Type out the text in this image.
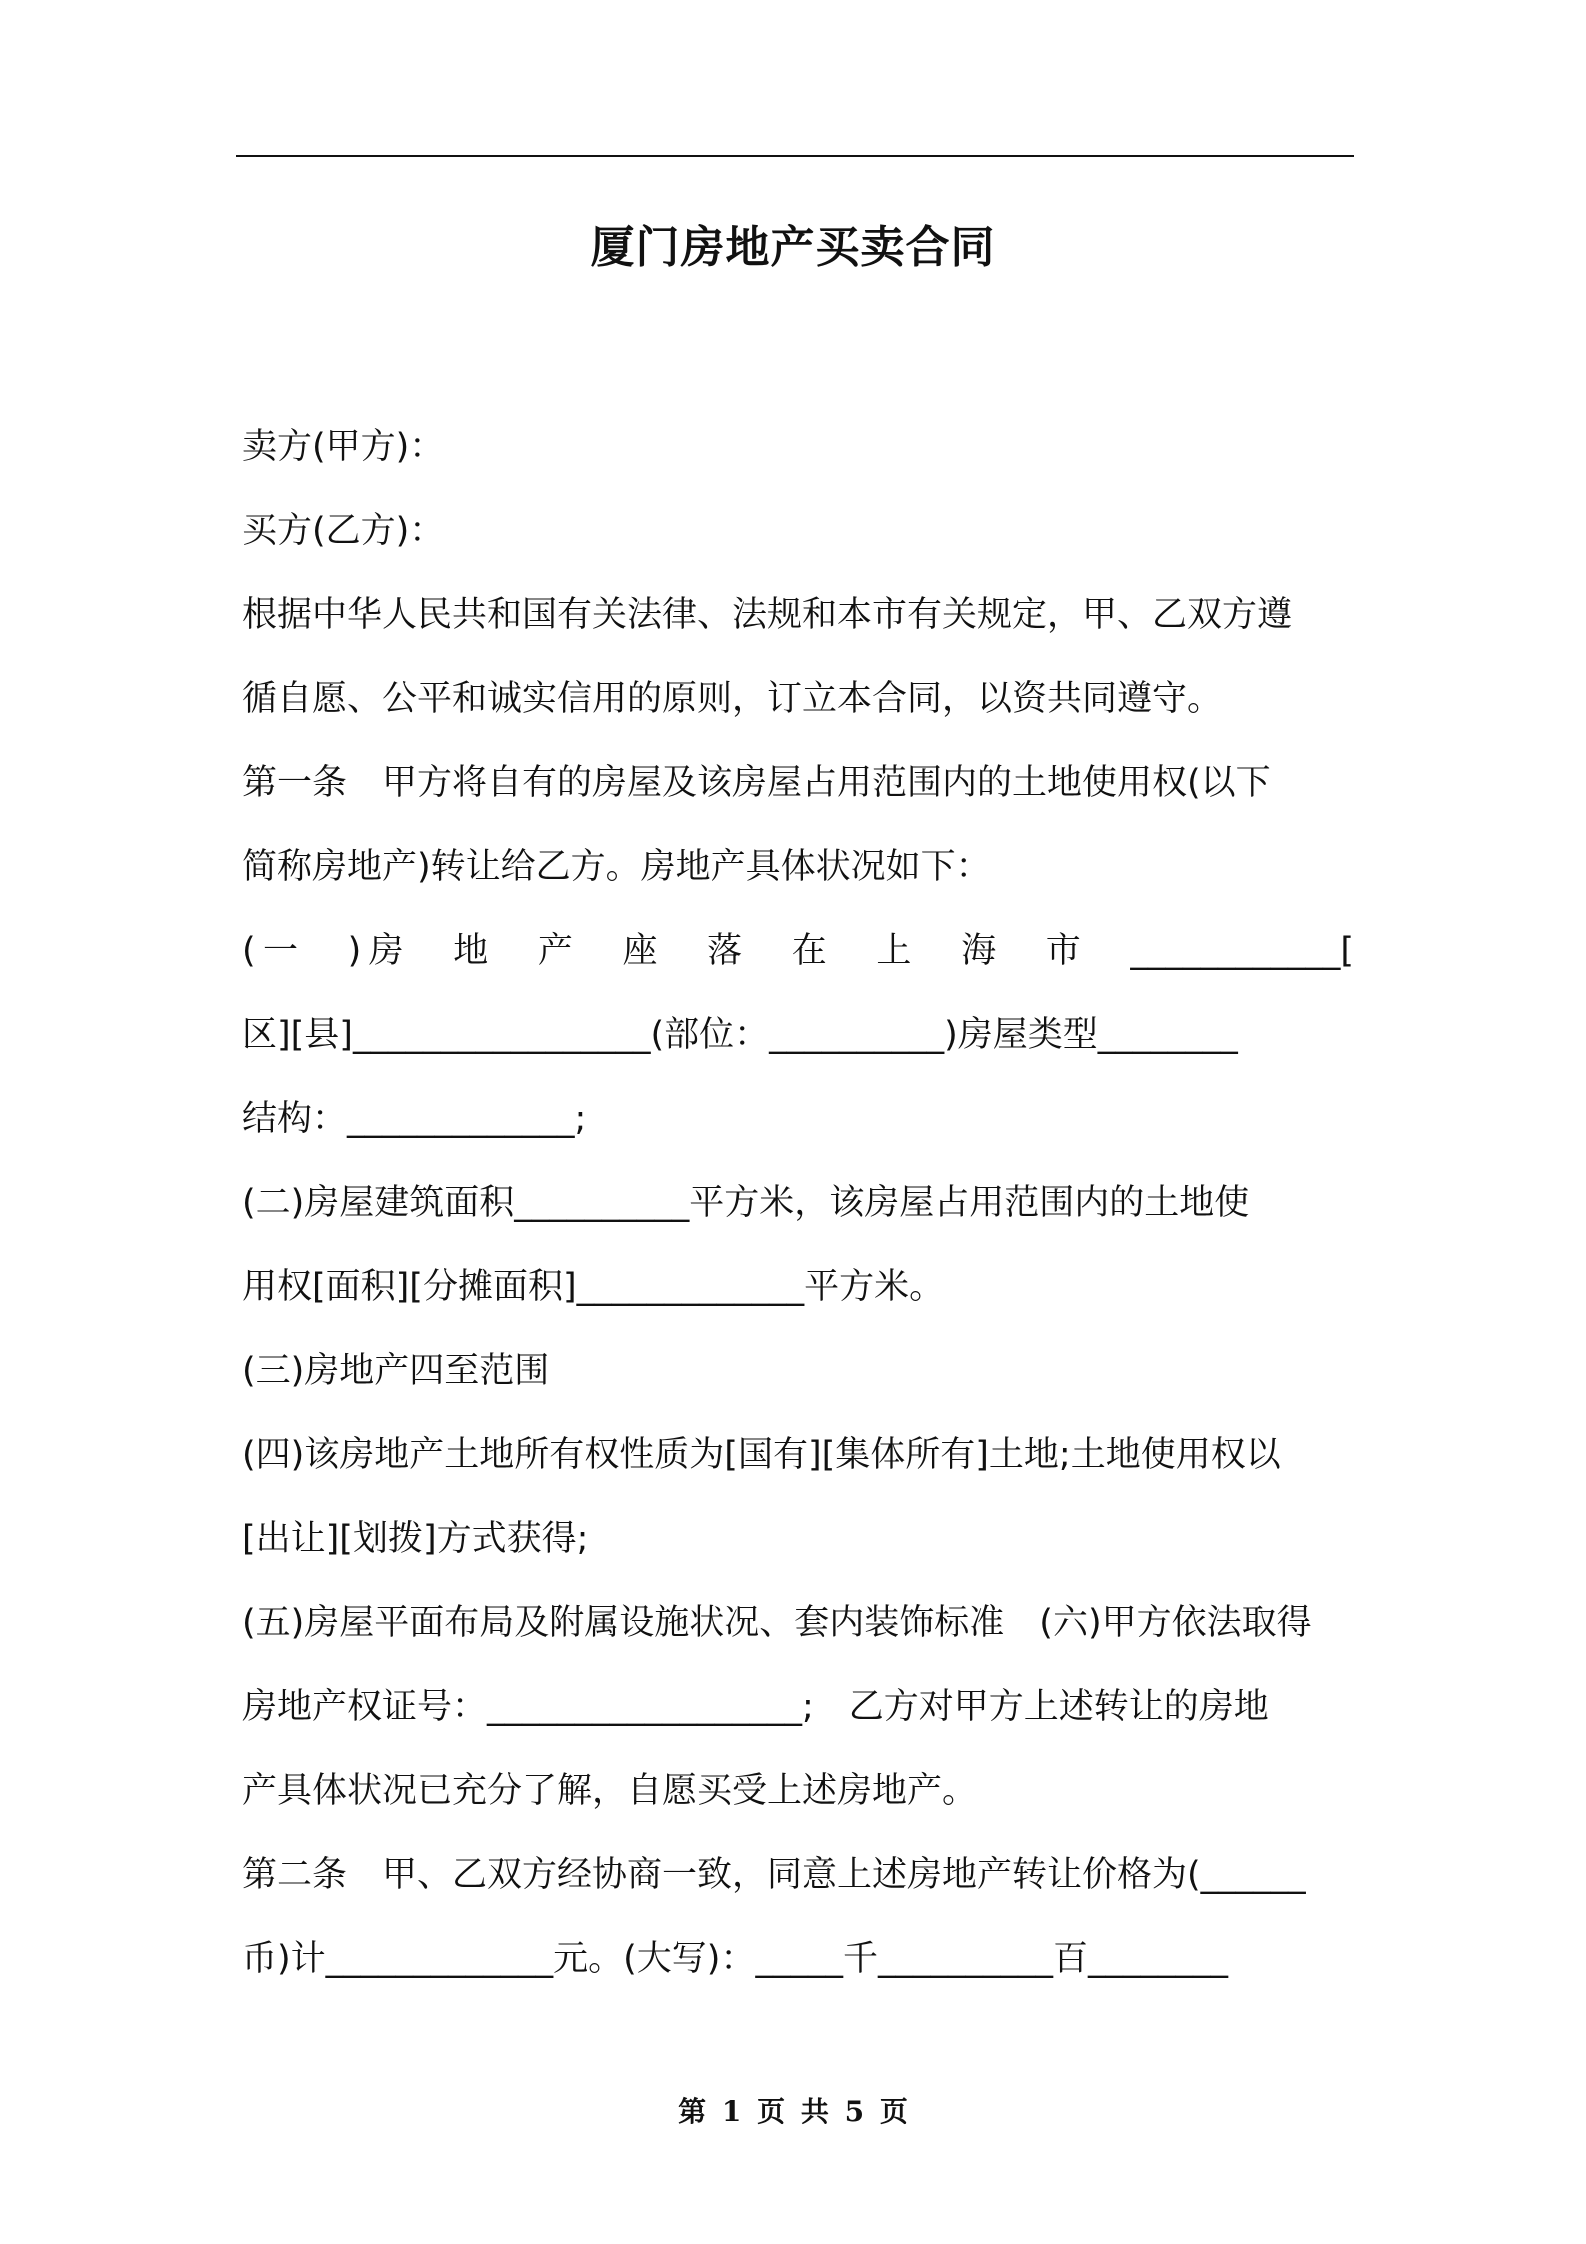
厦门房地产买卖合同
卖方(甲方)：
买方(乙方)：
根据中华人民共和国有关法律、法规和本市有关规定，甲、乙双方遵
循自愿、公平和诚实信用的原则，订立本合同，以资共同遵守。
第一条　甲方将自有的房屋及该房屋占用范围内的土地使用权(以下
简称房地产)转让给乙方。房地产具体状况如下：
(一　)房　地　产　座　落　在　上　海　市　____________[
区][县]_________________(部位：__________)房屋类型________
结构：_____________;
(二)房屋建筑面积__________平方米，该房屋占用范围内的土地使
用权[面积][分摊面积]_____________平方米。
(三)房地产四至范围
(四)该房地产土地所有权性质为[国有][集体所有]土地;土地使用权以
[出让][划拨]方式获得;
(五)房屋平面布局及附属设施状况、套内装饰标准　(六)甲方依法取得
房地产权证号：__________________;　乙方对甲方上述转让的房地
产具体状况已充分了解，自愿买受上述房地产。
第二条　甲、乙双方经协商一致，同意上述房地产转让价格为(______
币)计_____________元。(大写)：_____千__________百________
第 1 页 共 5 页
